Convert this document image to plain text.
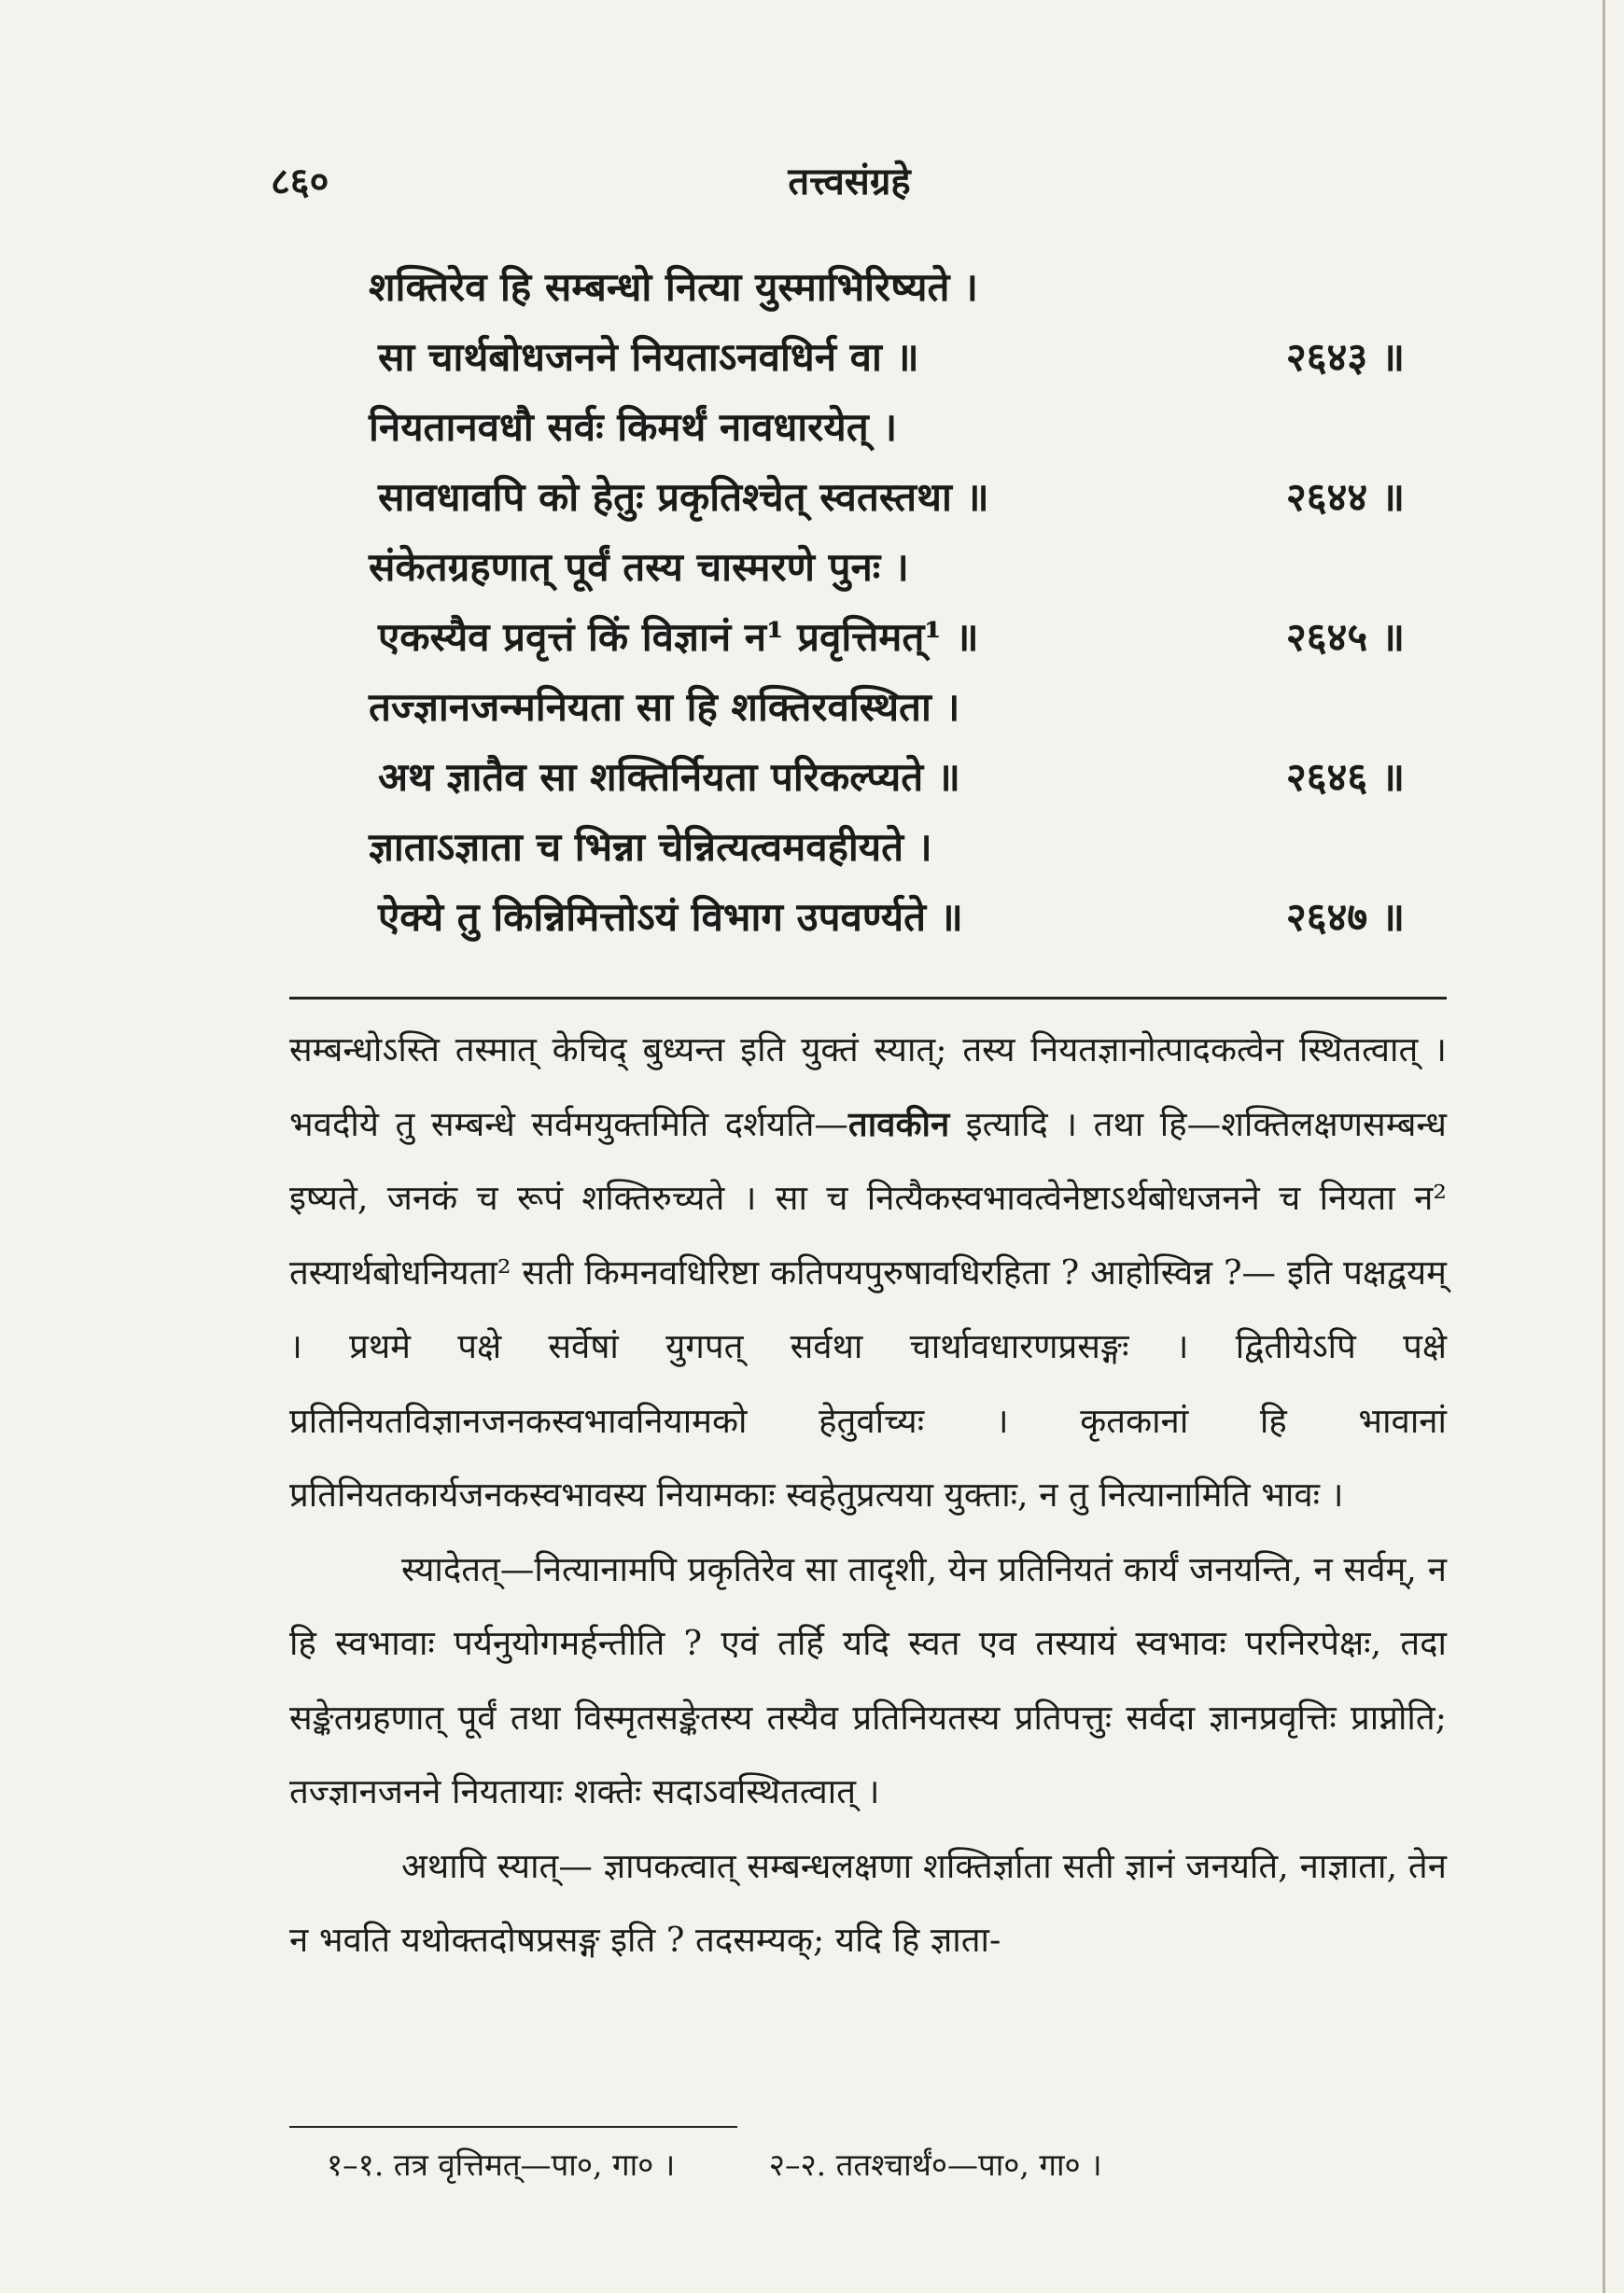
८६०	तत्त्वसंग्रहे
शक्तिरेव हि सम्बन्धो नित्या युस्माभिरिष्यते ।
सा चार्थबोधजनने नियताऽनवधिर्न वा ॥	२६४३ ॥
नियतानवधौ सर्वः किमर्थं नावधारयेत् ।
सावधावपि को हेतुः प्रकृतिश्चेत् स्वतस्तथा ॥	२६४४ ॥
संकेतग्रहणात् पूर्वं तस्य चास्मरणे पुनः ।
एकस्यैव प्रवृत्तं किं विज्ञानं न¹ प्रवृत्तिमत्¹ ॥	२६४५ ॥
तज्ज्ञानजन्मनियता सा हि शक्तिरवस्थिता ।
अथ ज्ञातैव सा शक्तिर्नियता परिकल्प्यते ॥	२६४६ ॥
ज्ञाताऽज्ञाता च भिन्ना चेन्नित्यत्वमवहीयते ।
ऐक्ये तु किन्निमित्तोऽयं विभाग उपवर्ण्यते ॥	२६४७ ॥

सम्बन्धोऽस्ति तस्मात् केचिद् बुध्यन्त इति युक्तं स्यात्; तस्य नियतज्ञानोत्पादकत्वेन स्थितत्वात् । भवदीये तु सम्बन्धे सर्वमयुक्तमिति दर्शयति—तावकीन इत्यादि । तथा हि—शक्तिलक्षणसम्बन्ध इष्यते, जनकं च रूपं शक्तिरुच्यते । सा च नित्यैकस्वभावत्वेनेष्टाऽर्थबोधजनने च नियता न² तस्यार्थबोधनियता² सती किमनवधिरिष्टा कतिपयपुरुषावधिरहिता ? आहोस्विन्न ?— इति पक्षद्वयम् । प्रथमे पक्षे सर्वेषां युगपत् सर्वथा चार्थावधारणप्रसङ्गः । द्वितीयेऽपि पक्षे प्रतिनियतविज्ञानजनकस्वभावनियामको हेतुर्वाच्यः । कृतकानां हि भावानां प्रतिनियतकार्यजनकस्वभावस्य नियामकाः स्वहेतुप्रत्यया युक्ताः, न तु नित्यानामिति भावः ।

स्यादेतत्—नित्यानामपि प्रकृतिरेव सा तादृशी, येन प्रतिनियतं कार्यं जनयन्ति, न सर्वम्, न हि स्वभावाः पर्यनुयोगमर्हन्तीति ? एवं तर्हि यदि स्वत एव तस्यायं स्वभावः परनिरपेक्षः, तदा सङ्केतग्रहणात् पूर्वं तथा विस्मृतसङ्केतस्य तस्यैव प्रतिनियतस्य प्रतिपत्तुः सर्वदा ज्ञानप्रवृत्तिः प्राप्नोति; तज्ज्ञानजनने नियतायाः शक्तेः सदाऽवस्थितत्वात् ।

अथापि स्यात्— ज्ञापकत्वात् सम्बन्धलक्षणा शक्तिर्ज्ञाता सती ज्ञानं जनयति, नाज्ञाता, तेन न भवति यथोक्तदोषप्रसङ्ग इति ? तदसम्यक्; यदि हि ज्ञाता-

१–१. तत्र वृत्तिमत्—पा०, गा० ।	२–२. ततश्चार्थं०—पा०, गा० ।
